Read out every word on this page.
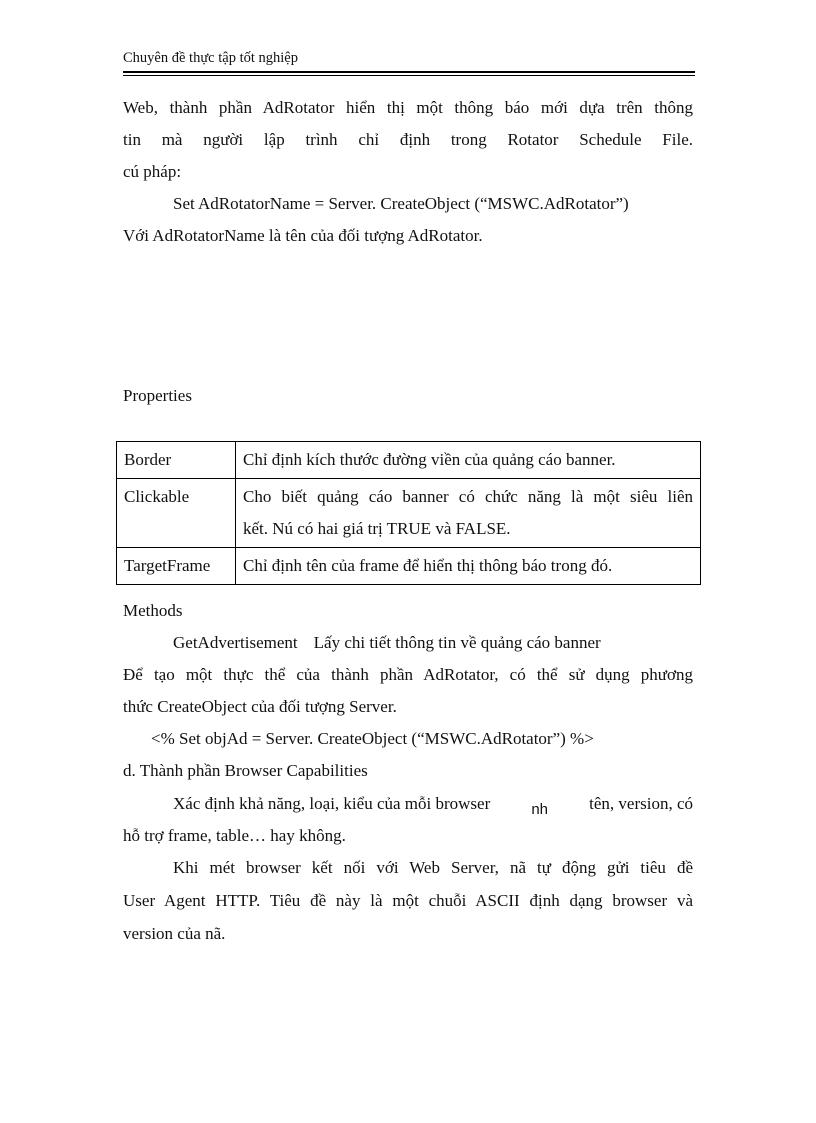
Chuyên đề thực tập tốt nghiệp
Web, thành phần AdRotator hiển thị một thông báo mới dựa trên thông
tin mà người lập trình chỉ định trong Rotator Schedule File.
cú pháp:
Set AdRotatorName = Server. CreateObject (“MSWC.AdRotator”)
Với AdRotatorName là tên của đối tượng AdRotator.
Properties
Border	Chỉ định kích thước đường viền của quảng cáo banner.
Clickable	Cho biết quảng cáo banner có chức năng là một siêu liên
kết. Nú có hai giá trị TRUE và FALSE.

TargetFrame	Chỉ định tên của frame để hiển thị thông báo trong đó.
Methods
GetAdvertisement Lấy chi tiết thông tin về quảng cáo banner
Để tạo một thực thể của thành phần AdRotator, có thể sử dụng phương
thức CreateObject của đối tượng Server.
<% Set objAd = Server. CreateObject (“MSWC.AdRotator”) %>
d. Thành phần Browser Capabilities
Xác định khả năng, loại, kiểu của mỗi browser	nh tên, version, có
hỗ trợ frame, table… hay không.
Khi mét browser kết nối với Web Server, nã tự động gửi tiêu đề
User Agent HTTP. Tiêu đề này là một chuỗi ASCII định dạng browser và
version của nã.
